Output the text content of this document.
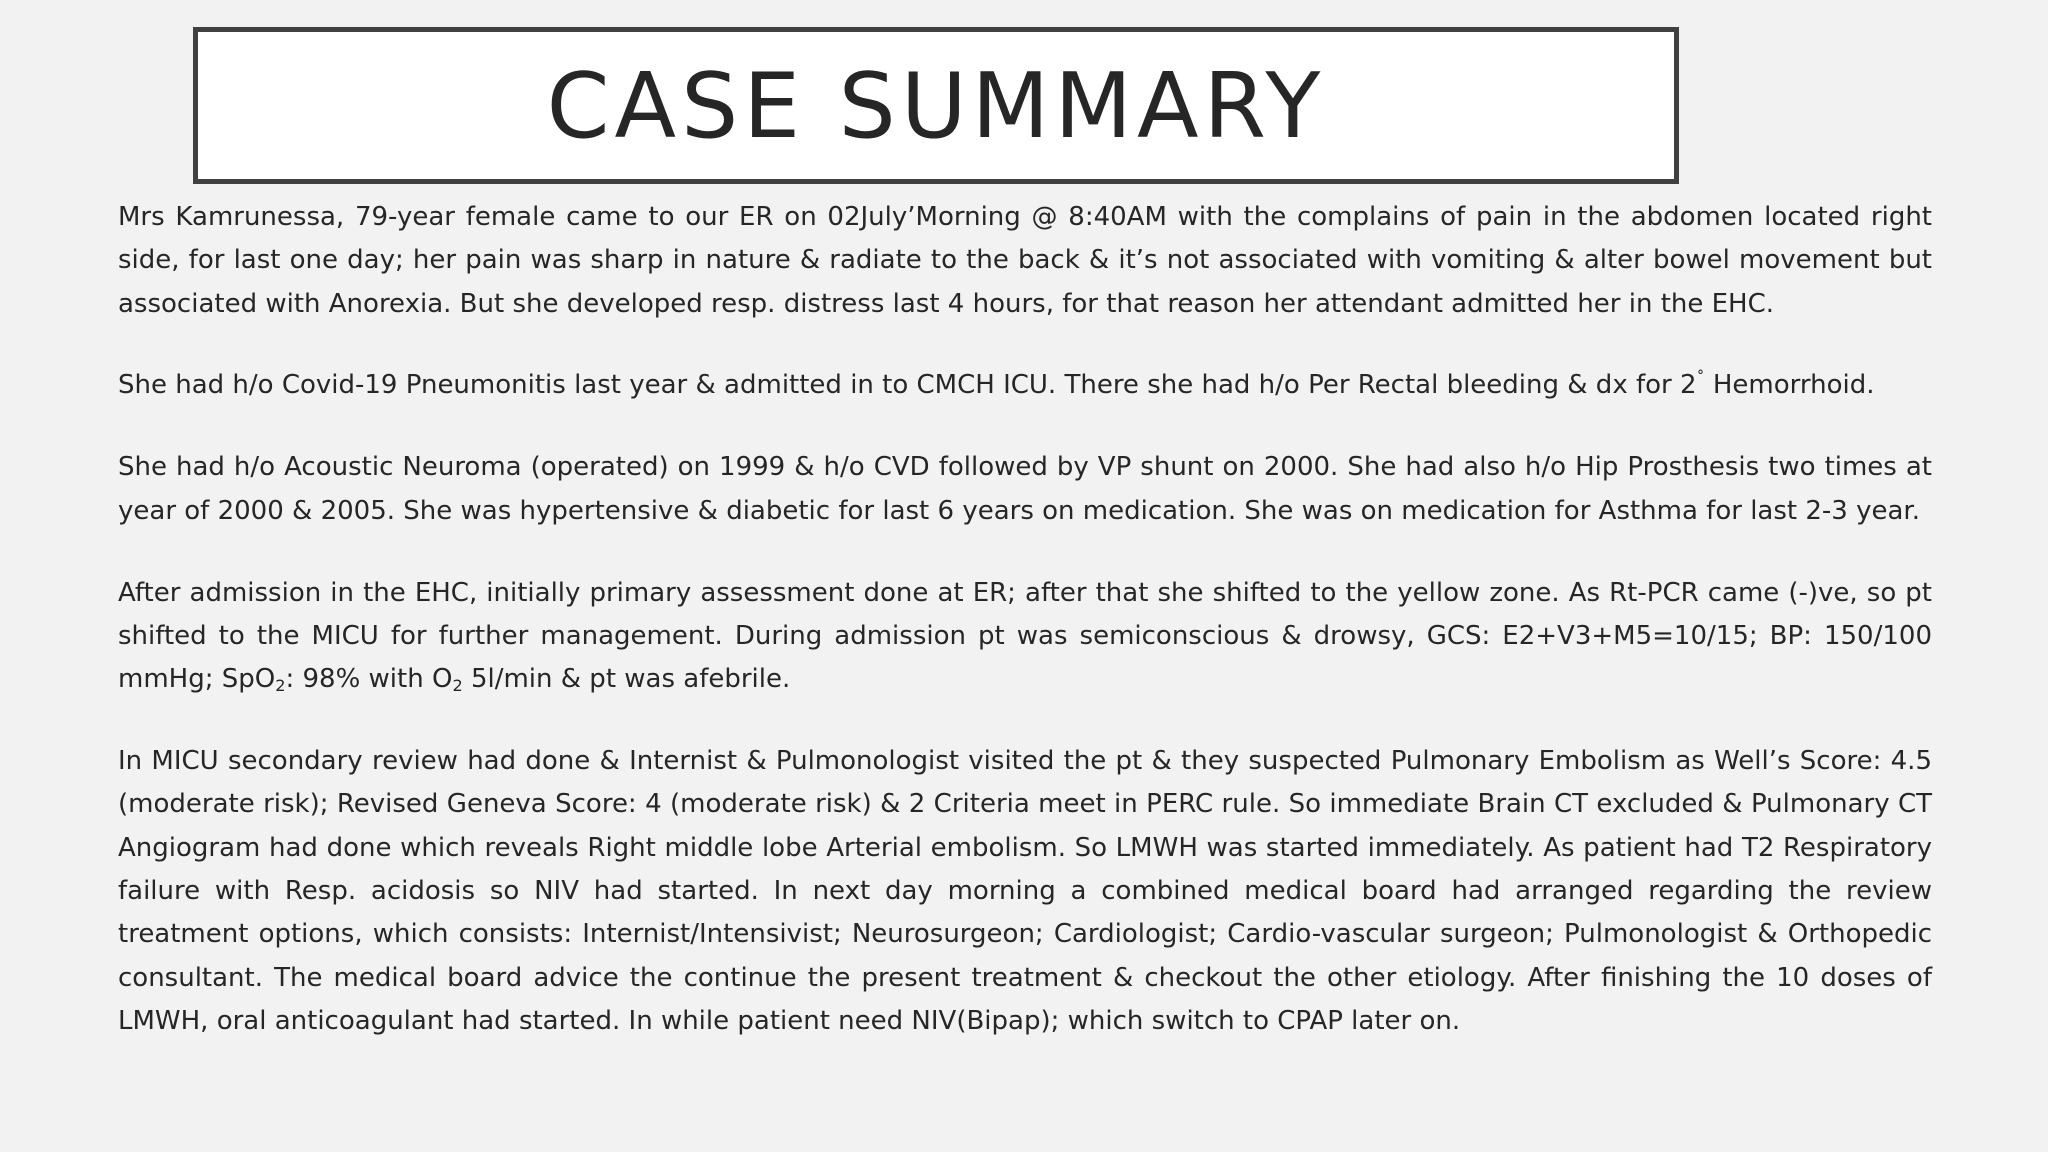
CASE SUMMARY

Mrs Kamrunessa, 79-year female came to our ER on 02July’Morning @ 8:40AM with the complains of pain in the abdomen located right side, for last one day; her pain was sharp in nature & radiate to the back & it’s not associated with vomiting & alter bowel movement but associated with Anorexia. But she developed resp. distress last 4 hours, for that reason her attendant admitted her in the EHC.

She had h/o Covid-19 Pneumonitis last year & admitted in to CMCH ICU. There she had h/o Per Rectal bleeding & dx for 2˚ Hemorrhoid.

She had h/o Acoustic Neuroma (operated) on 1999 & h/o CVD followed by VP shunt on 2000. She had also h/o Hip Prosthesis two times at year of 2000 & 2005. She was hypertensive & diabetic for last 6 years on medication. She was on medication for Asthma for last 2-3 year.

After admission in the EHC, initially primary assessment done at ER; after that she shifted to the yellow zone. As Rt-PCR came (-)ve, so pt shifted to the MICU for further management. During admission pt was semiconscious & drowsy, GCS: E2+V3+M5=10/15; BP: 150/100 mmHg; SpO$_2$: 98% with $O_2$ 5l/min & pt was afebrile.

In MICU secondary review had done & Internist & Pulmonologist visited the pt & they suspected Pulmonary Embolism as Well’s Score: 4.5 (moderate risk); Revised Geneva Score: 4 (moderate risk) & 2 Criteria meet in PERC rule. So immediate Brain CT excluded & Pulmonary CT Angiogram had done which reveals Right middle lobe Arterial embolism. So LMWH was started immediately. As patient had T2 Respiratory failure with Resp. acidosis so NIV had started. In next day morning a combined medical board had arranged regarding the review treatment options, which consists: Internist/Intensivist; Neurosurgeon; Cardiologist; Cardio-vascular surgeon; Pulmonologist & Orthopedic consultant. The medical board advice the continue the present treatment & checkout the other etiology. After finishing the 10 doses of LMWH, oral anticoagulant had started. In while patient need NIV(Bipap); which switch to CPAP later on.
